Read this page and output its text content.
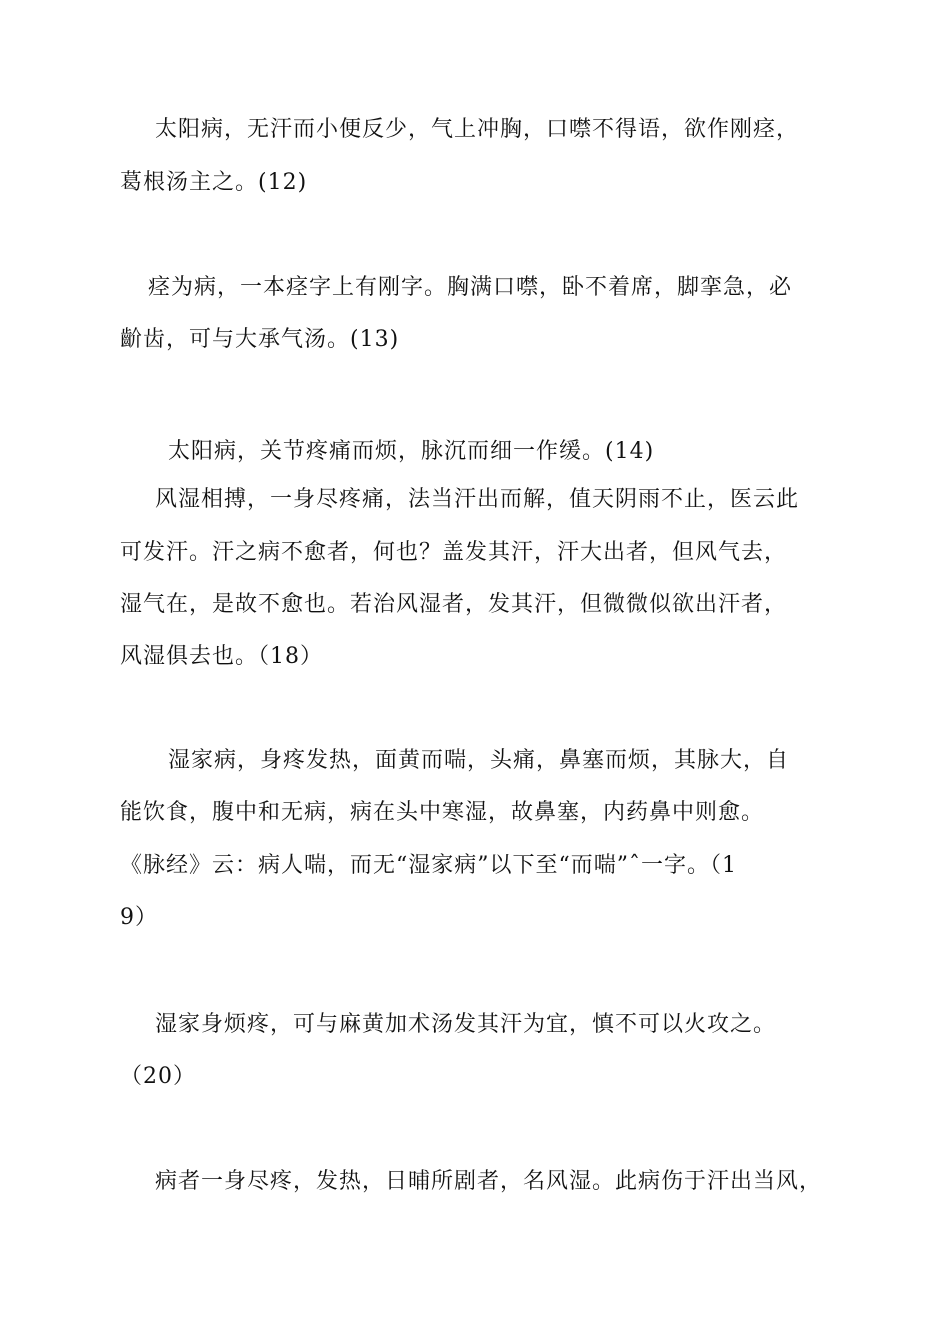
太阳病，无汗而小便反少，气上冲胸，口噤不得语，欲作刚痉，
葛根汤主之。(12)
痉为病，一本痉字上有刚字。胸满口噤，卧不着席，脚挛急，必
齘齿，可与大承气汤。(13)
太阳病，关节疼痛而烦，脉沉而细一作缓。(14)
风湿相搏，一身尽疼痛，法当汗出而解，值天阴雨不止，医云此
可发汗。汗之病不愈者，何也？盖发其汗，汗大出者，但风气去，
湿气在，是故不愈也。若治风湿者，发其汗，但微微似欲出汗者，
风湿俱去也。（18）
湿家病，身疼发热，面黄而喘，头痛，鼻塞而烦，其脉大，自
能饮食，腹中和无病，病在头中寒湿，故鼻塞，内药鼻中则愈。
《脉经》云：病人喘，而无“湿家病”以下至“而喘”ˆ一字。（1
9）
湿家身烦疼，可与麻黄加术汤发其汗为宜，慎不可以火攻之。
（20）
病者一身尽疼，发热，日晡所剧者，名风湿。此病伤于汗出当风，
